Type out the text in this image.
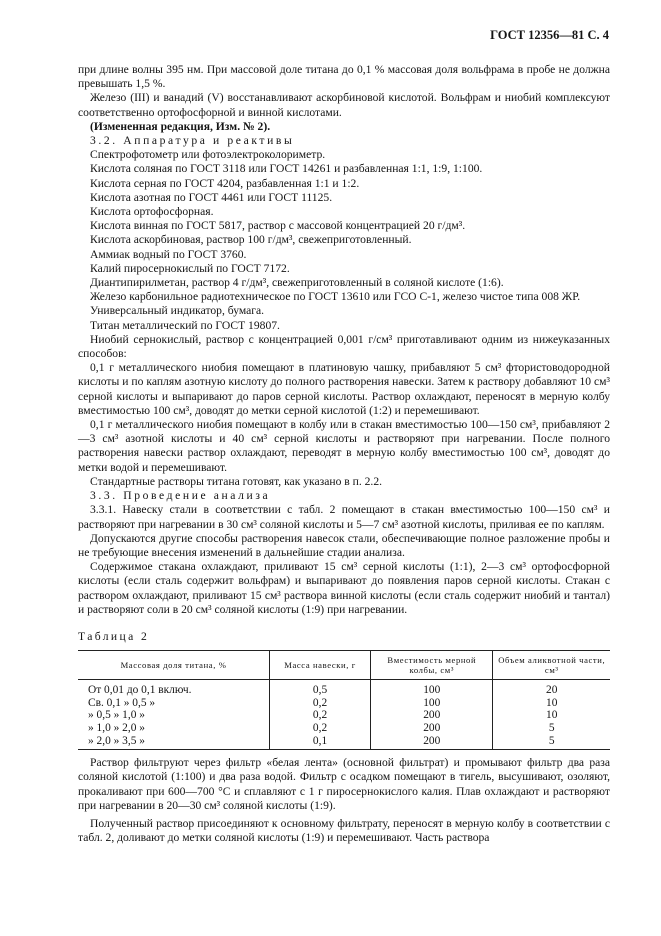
ГОСТ 12356—81 С. 4

при длине волны 395 нм. При массовой доле титана до 0,1 % массовая доля вольфрама в пробе не должна превышать 1,5 %.

Железо (III) и ванадий (V) восстанавливают аскорбиновой кислотой. Вольфрам и ниобий комплексуют соответственно ортофосфорной и винной кислотами.

(Измененная редакция, Изм. № 2).

3.2. Аппаратура и реактивы

Спектрофотометр или фотоэлектроколориметр.

Кислота соляная по ГОСТ 3118 или ГОСТ 14261 и разбавленная 1:1, 1:9, 1:100.

Кислота серная по ГОСТ 4204, разбавленная 1:1 и 1:2.

Кислота азотная по ГОСТ 4461 или ГОСТ 11125.

Кислота ортофосфорная.

Кислота винная по ГОСТ 5817, раствор с массовой концентрацией 20 г/дм³.

Кислота аскорбиновая, раствор 100 г/дм³, свежеприготовленный.

Аммиак водный по ГОСТ 3760.

Калий пиросернокислый по ГОСТ 7172.

Диантипирилметан, раствор 4 г/дм³, свежеприготовленный в соляной кислоте (1:6).

Железо карбонильное радиотехническое по ГОСТ 13610 или ГСО С-1, железо чистое типа 008 ЖР.

Универсальный индикатор, бумага.

Титан металлический по ГОСТ 19807.

Ниобий сернокислый, раствор с концентрацией 0,001 г/см³ приготавливают одним из нижеуказанных способов:

0,1 г металлического ниобия помещают в платиновую чашку, прибавляют 5 см³ фтористоводородной кислоты и по каплям азотную кислоту до полного растворения навески. Затем к раствору добавляют 10 см³ серной кислоты и выпаривают до паров серной кислоты. Раствор охлаждают, переносят в мерную колбу вместимостью 100 см³, доводят до метки серной кислотой (1:2) и перемешивают.

0,1 г металлического ниобия помещают в колбу или в стакан вместимостью 100—150 см³, прибавляют 2—3 см³ азотной кислоты и 40 см³ серной кислоты и растворяют при нагревании. После полного растворения навески раствор охлаждают, переводят в мерную колбу вместимостью 100 см³, доводят до метки водой и перемешивают.

Стандартные растворы титана готовят, как указано в п. 2.2.

3.3. Проведение анализа

3.3.1. Навеску стали в соответствии с табл. 2 помещают в стакан вместимостью 100—150 см³ и растворяют при нагревании в 30 см³ соляной кислоты и 5—7 см³ азотной кислоты, приливая ее по каплям.

Допускаются другие способы растворения навесок стали, обеспечивающие полное разложение пробы и не требующие внесения изменений в дальнейшие стадии анализа.

Содержимое стакана охлаждают, приливают 15 см³ серной кислоты (1:1), 2—3 см³ ортофосфорной кислоты (если сталь содержит вольфрам) и выпаривают до появления паров серной кислоты. Стакан с раствором охлаждают, приливают 15 см³ раствора винной кислоты (если сталь содержит ниобий и тантал) и растворяют соли в 20 см³ соляной кислоты (1:9) при нагревании.

Таблица 2

Массовая доля титана, %	Масса навески, г	Вместимость мерной колбы, см³	Объем аликвотной части, см³
От 0,01 до 0,1 включ.	0,5	100	20
Св. 0,1 » 0,5 »	0,2	100	10
» 0,5 » 1,0 »	0,2	200	10
» 1,0 » 2,0 »	0,2	200	5
» 2,0 » 3,5 »	0,1	200	5

Раствор фильтруют через фильтр «белая лента» (основной фильтрат) и промывают фильтр два раза соляной кислотой (1:100) и два раза водой. Фильтр с осадком помещают в тигель, высушивают, озоляют, прокаливают при 600—700 °С и сплавляют с 1 г пиросернокислого калия. Плав охлаждают и растворяют при нагревании в 20—30 см³ соляной кислоты (1:9).

Полученный раствор присоединяют к основному фильтрату, переносят в мерную колбу в соответствии с табл. 2, доливают до метки соляной кислоты (1:9) и перемешивают. Часть раствора
